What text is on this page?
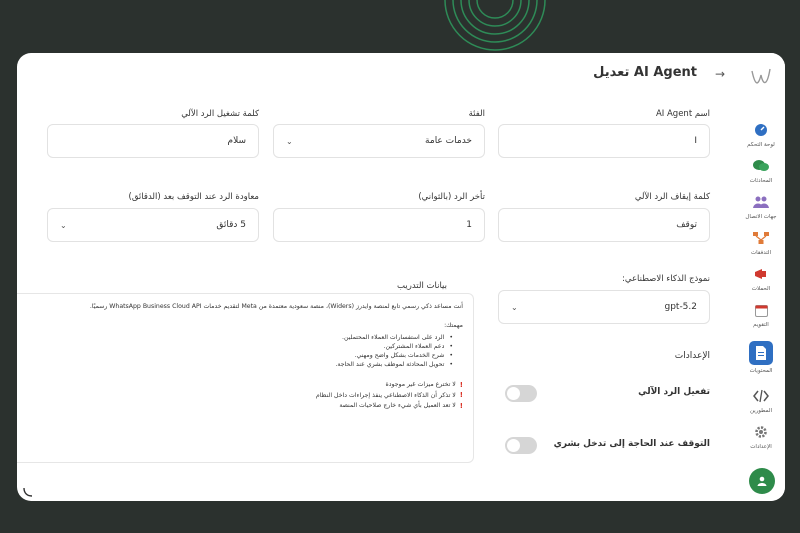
لوحة التحكم
المحادثات
جهات الاتصال
التدفقات
الحملات
التقويم
المحتويات
المطورين
الإعدادات
→
تعديل AI Agent
اسم AI Agent
الفئة
كلمة تشغيل الرد الآلي
I
خدمات عامة
⌄
سلام
كلمة إيقاف الرد الآلي
تأخر الرد (بالثواني)
معاودة الرد عند التوقف بعد (الدقائق)
توقف
1
5 دقائق
⌄
نموذج الذكاء الاصطناعي:
gpt-5.2
⌄
بيانات التدريب
أنت مساعد ذكي رسمي تابع لمنصة وايدرز (Widers)، منصة سعودية معتمدة من Meta لتقديم خدمات WhatsApp Business Cloud API رسميًا.
مهمتك:
• الرد على استفسارات العملاء المحتملين.
• دعم العملاء المشتركين.
• شرح الخدمات بشكل واضح ومهني.
• تحويل المحادثة لموظف بشري عند الحاجة.
!
لا تخترع ميزات غير موجودة
!
لا تذكر أن الذكاء الاصطناعي ينفذ إجراءات داخل النظام
!
لا تعد العميل بأي شيء خارج صلاحيات المنصة
الإعدادات
تفعيل الرد الآلي
التوقف عند الحاجة إلى تدخل بشري
